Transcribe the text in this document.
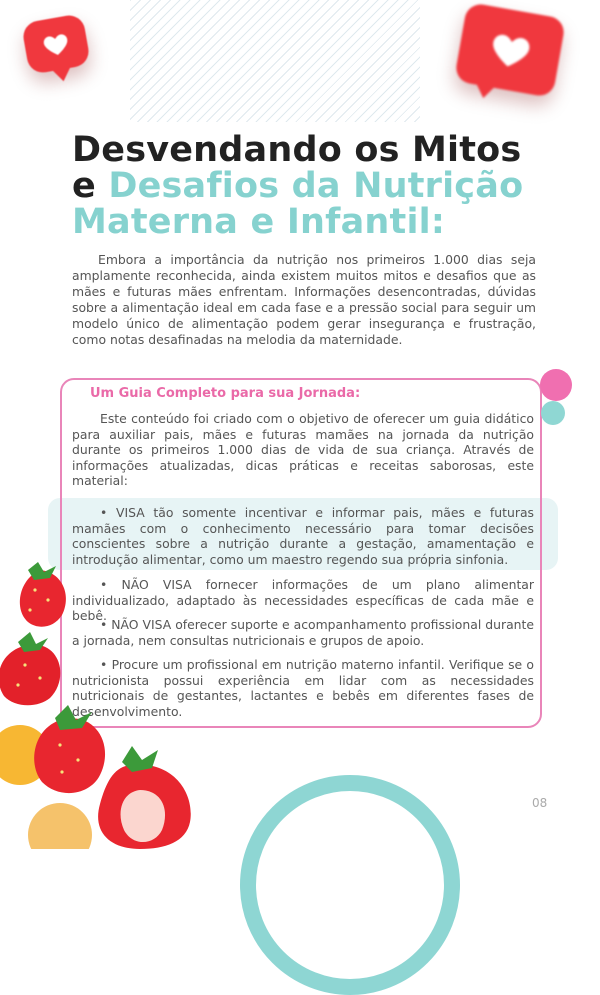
Desvendando os Mitos
e Desafios da Nutrição
Materna e Infantil:

Embora a importância da nutrição nos primeiros 1.000 dias seja amplamente reconhecida, ainda existem muitos mitos e desafios que as mães e futuras mães enfrentam. Informações desencontradas, dúvidas sobre a alimentação ideal em cada fase e a pressão social para seguir um modelo único de alimentação podem gerar insegurança e frustração, como notas desafinadas na melodia da maternidade.

Um Guia Completo para sua Jornada:

Este conteúdo foi criado com o objetivo de oferecer um guia didático para auxiliar pais, mães e futuras mamães na jornada da nutrição durante os primeiros 1.000 dias de vida de sua criança. Através de informações atualizadas, dicas práticas e receitas saborosas, este material:

• VISA tão somente incentivar e informar pais, mães e futuras mamães com o conhecimento necessário para tomar decisões conscientes sobre a nutrição durante a gestação, amamentação e introdução alimentar, como um maestro regendo sua própria sinfonia.

• NÃO VISA fornecer informações de um plano alimentar individualizado, adaptado às necessidades específicas de cada mãe e bebê.

• NÃO VISA oferecer suporte e acompanhamento profissional durante a jornada, nem consultas nutricionais e grupos de apoio.

• Procure um profissional em nutrição materno infantil. Verifique se o nutricionista possui experiência em lidar com as necessidades nutricionais de gestantes, lactantes e bebês em diferentes fases de desenvolvimento.

08
